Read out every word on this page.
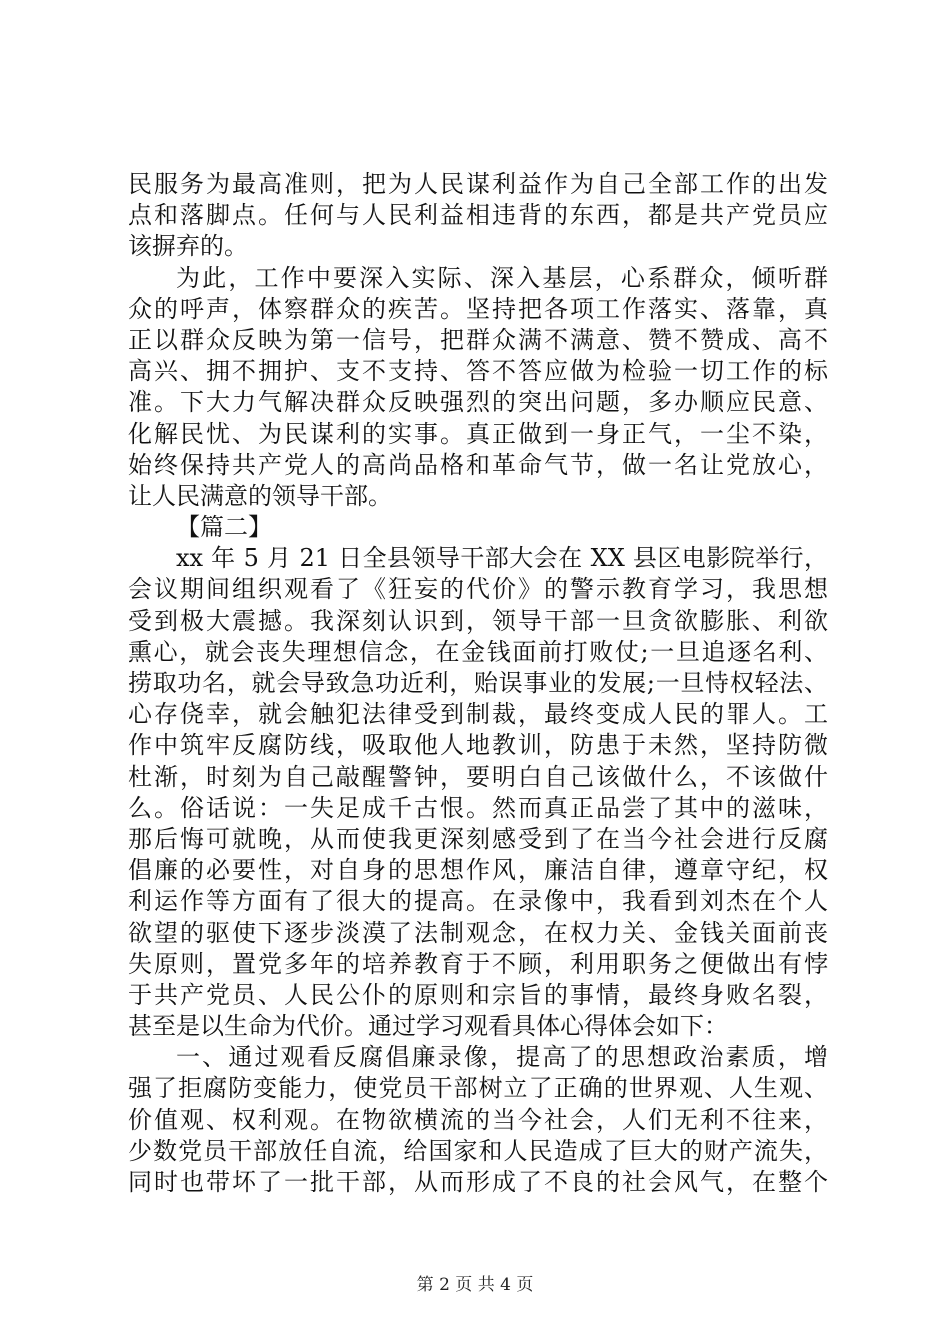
民服务为最高准则，把为人民谋利益作为自己全部工作的出发
点和落脚点。任何与人民利益相违背的东西，都是共产党员应
该摒弃的。
为此，工作中要深入实际、深入基层，心系群众，倾听群
众的呼声，体察群众的疾苦。坚持把各项工作落实、落靠，真
正以群众反映为第一信号，把群众满不满意、赞不赞成、高不
高兴、拥不拥护、支不支持、答不答应做为检验一切工作的标
准。下大力气解决群众反映强烈的突出问题，多办顺应民意、
化解民忧、为民谋利的实事。真正做到一身正气，一尘不染，
始终保持共产党人的高尚品格和革命气节，做一名让党放心，
让人民满意的领导干部。
【篇二】
xx 年 5 月 21 日全县领导干部大会在 XX 县区电影院举行，
会议期间组织观看了《狂妄的代价》的警示教育学习，我思想
受到极大震撼。我深刻认识到，领导干部一旦贪欲膨胀、利欲
熏心，就会丧失理想信念，在金钱面前打败仗;一旦追逐名利、
捞取功名，就会导致急功近利，贻误事业的发展;一旦恃权轻法、
心存侥幸，就会触犯法律受到制裁，最终变成人民的罪人。工
作中筑牢反腐防线，吸取他人地教训，防患于未然，坚持防微
杜渐，时刻为自己敲醒警钟，要明白自己该做什么，不该做什
么。俗话说：一失足成千古恨。然而真正品尝了其中的滋味，
那后悔可就晚，从而使我更深刻感受到了在当今社会进行反腐
倡廉的必要性，对自身的思想作风，廉洁自律，遵章守纪，权
利运作等方面有了很大的提高。在录像中，我看到刘杰在个人
欲望的驱使下逐步淡漠了法制观念，在权力关、金钱关面前丧
失原则，置党多年的培养教育于不顾，利用职务之便做出有悖
于共产党员、人民公仆的原则和宗旨的事情，最终身败名裂，
甚至是以生命为代价。通过学习观看具体心得体会如下：
一、通过观看反腐倡廉录像，提高了的思想政治素质，增
强了拒腐防变能力，使党员干部树立了正确的世界观、人生观、
价值观、权利观。在物欲横流的当今社会，人们无利不往来，
少数党员干部放任自流，给国家和人民造成了巨大的财产流失，
同时也带坏了一批干部，从而形成了不良的社会风气，在整个
第 2 页 共 4 页
